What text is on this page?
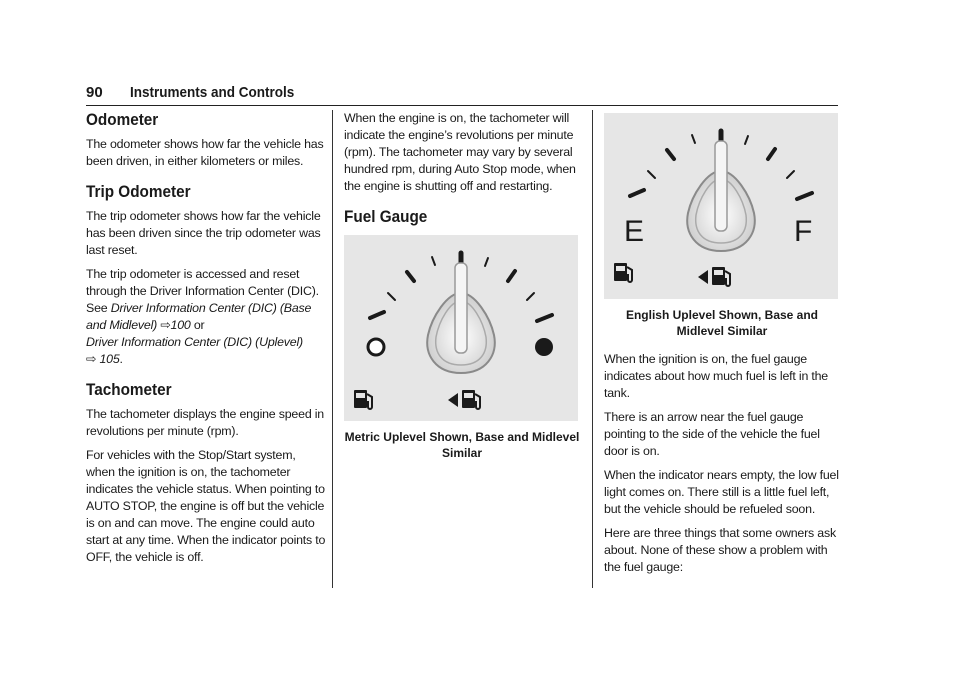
90 Instruments and Controls
Odometer

The odometer shows how far the vehicle has been driven, in either kilometers or miles.

Trip Odometer

The trip odometer shows how far the vehicle has been driven since the trip odometer was last reset.

The trip odometer is accessed and reset through the Driver Information Center (DIC). See Driver Information Center (DIC) (Base and Midlevel) ⇨100 or
Driver Information Center (DIC) (Uplevel)
⇨ 105.

Tachometer

The tachometer displays the engine speed in revolutions per minute (rpm).

For vehicles with the Stop/Start system, when the ignition is on, the tachometer indicates the vehicle status. When pointing to AUTO STOP, the engine is off but the vehicle is on and can move. The engine could auto start at any time. When the indicator points to OFF, the vehicle is off.

When the engine is on, the tachometer will indicate the engine’s revolutions per minute (rpm). The tachometer may vary by several hundred rpm, during Auto Stop mode, when the engine is shutting off and restarting.

Fuel Gauge
Metric Uplevel Shown, Base and Midlevel Similar
E	F
English Uplevel Shown, Base and Midlevel Similar

When the ignition is on, the fuel gauge indicates about how much fuel is left in the tank.

There is an arrow near the fuel gauge pointing to the side of the vehicle the fuel door is on.

When the indicator nears empty, the low fuel light comes on. There still is a little fuel left, but the vehicle should be refueled soon.

Here are three things that some owners ask about. None of these show a problem with the fuel gauge:
